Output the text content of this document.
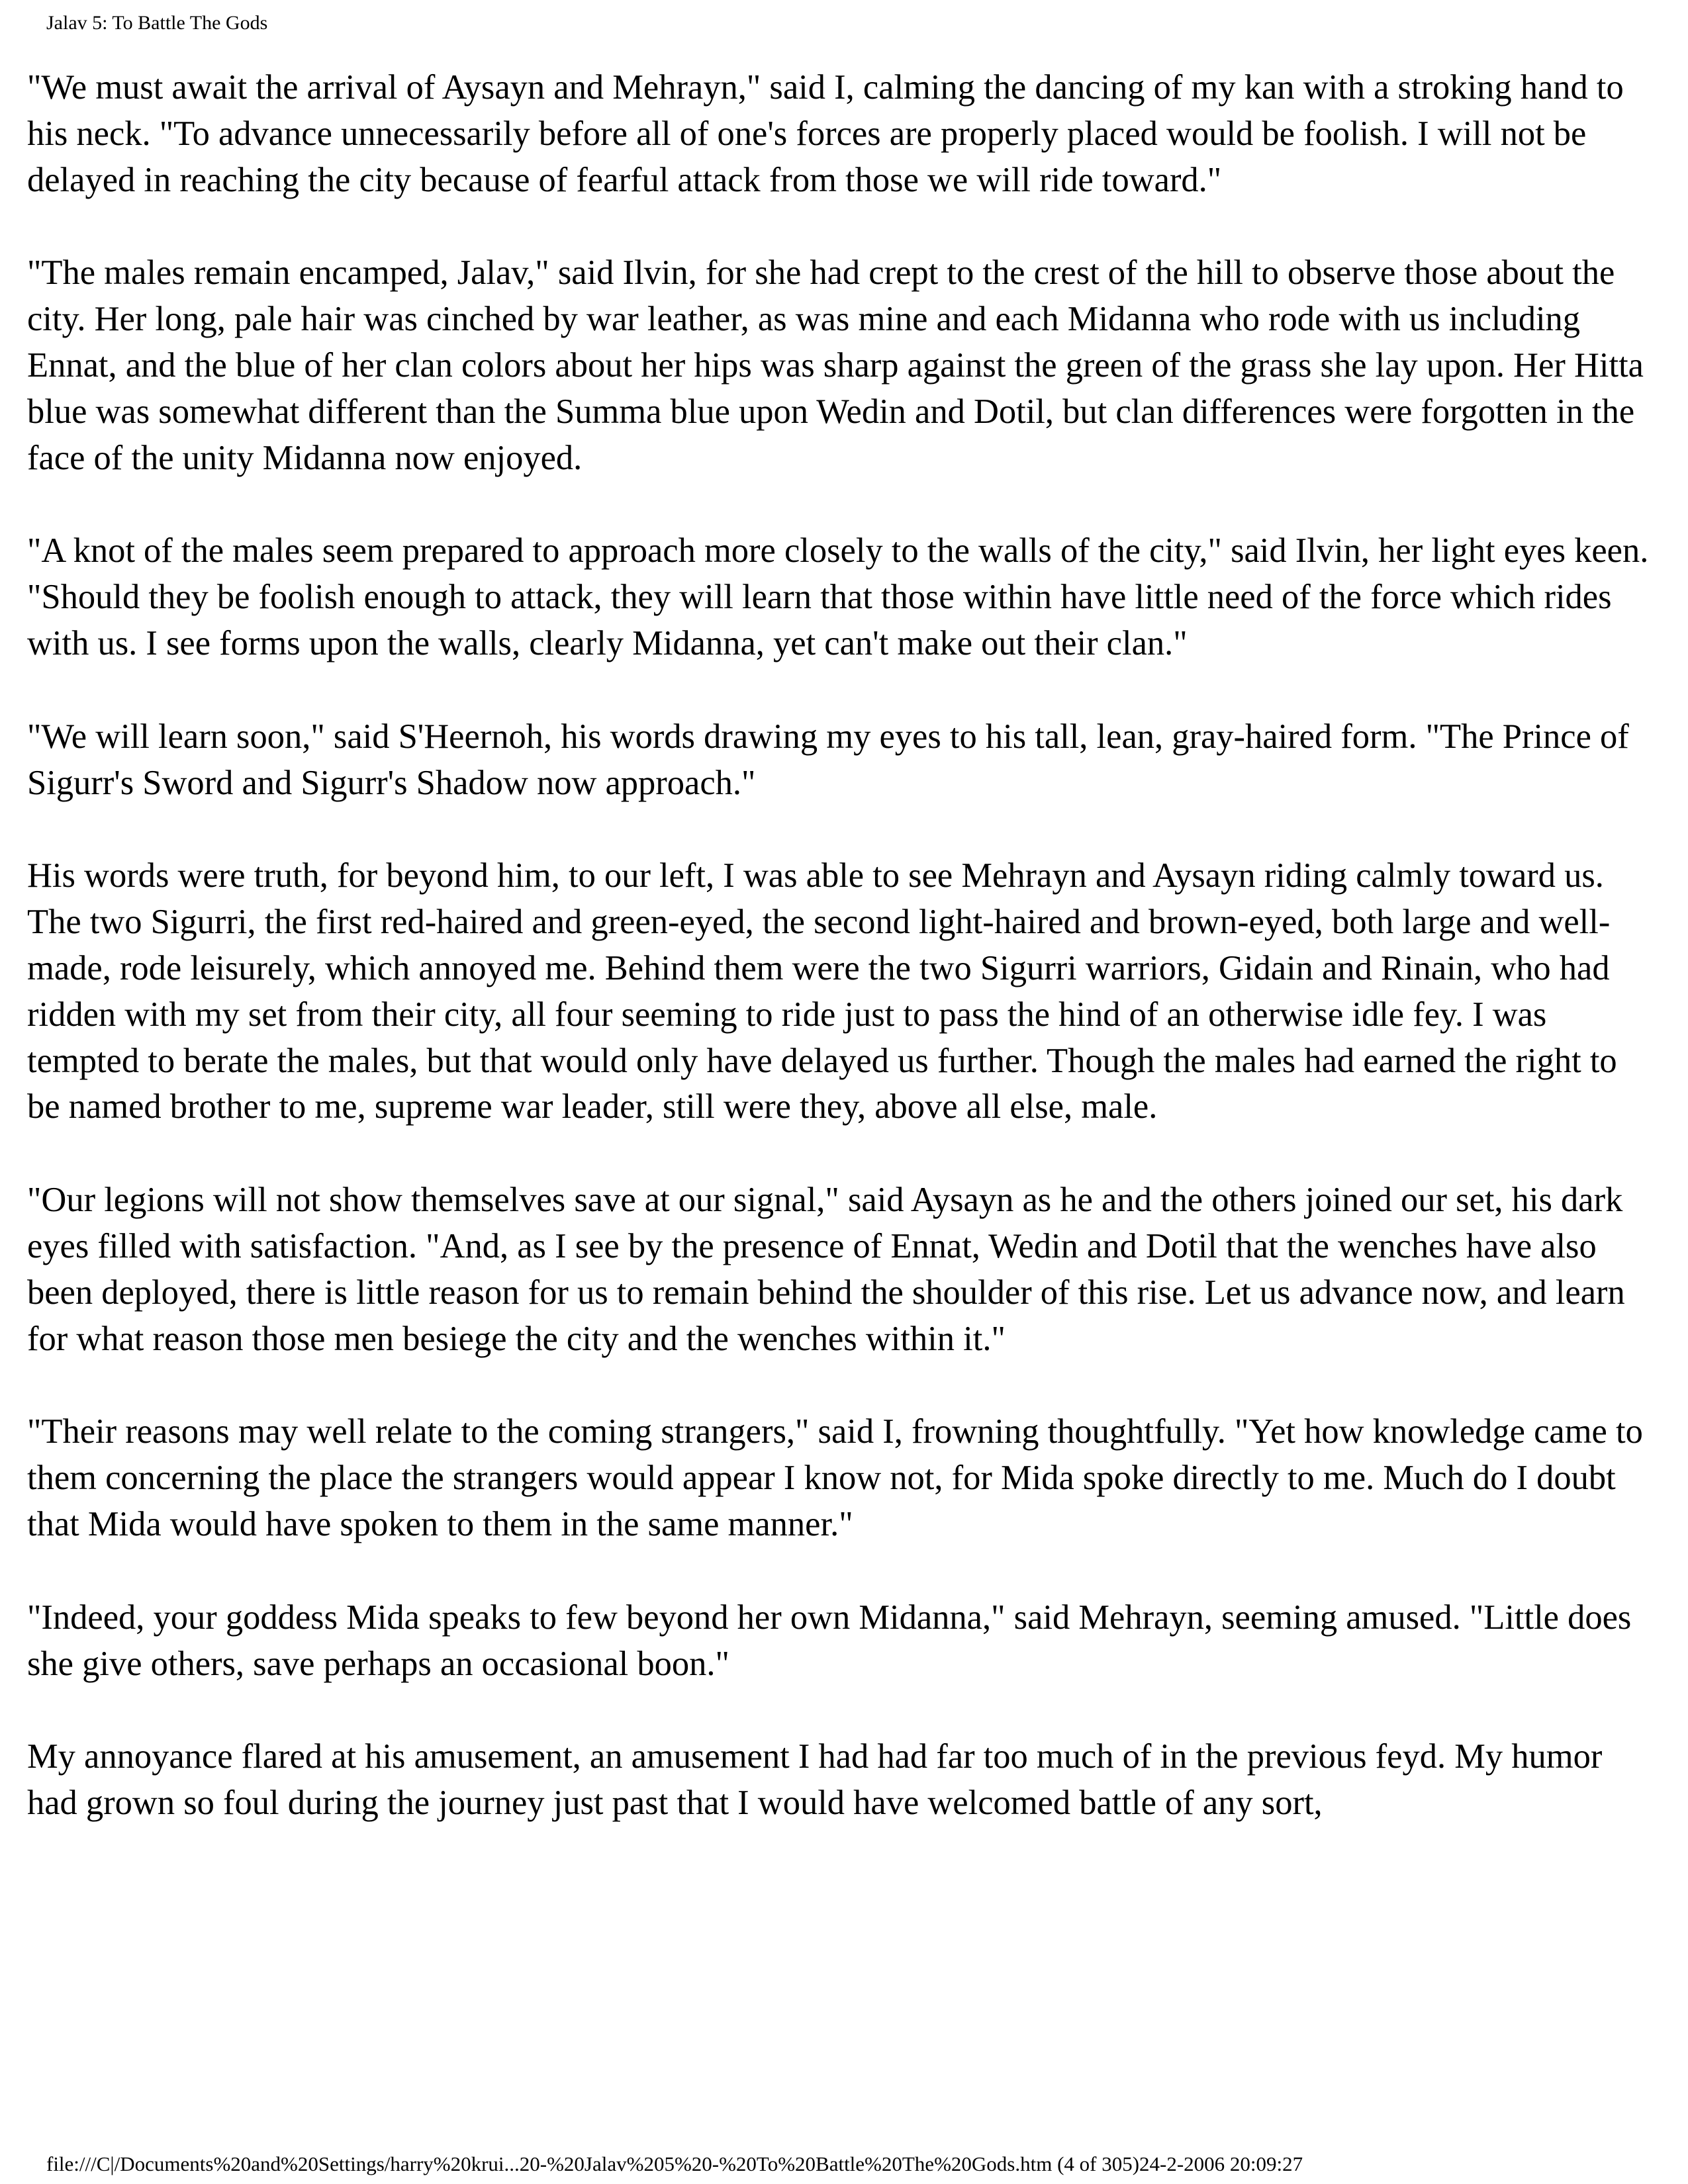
Jalav 5: To Battle The Gods

"We must await the arrival of Aysayn and Mehrayn," said I, calming the dancing of my kan with a stroking hand to his neck. "To advance unnecessarily before all of one's forces are properly placed would be foolish. I will not be delayed in reaching the city because of fearful attack from those we will ride toward."

"The males remain encamped, Jalav," said Ilvin, for she had crept to the crest of the hill to observe those about the city. Her long, pale hair was cinched by war leather, as was mine and each Midanna who rode with us including Ennat, and the blue of her clan colors about her hips was sharp against the green of the grass she lay upon. Her Hitta blue was somewhat different than the Summa blue upon Wedin and Dotil, but clan differences were forgotten in the face of the unity Midanna now enjoyed.

"A knot of the males seem prepared to approach more closely to the walls of the city," said Ilvin, her light eyes keen. "Should they be foolish enough to attack, they will learn that those within have little need of the force which rides with us. I see forms upon the walls, clearly Midanna, yet can't make out their clan."

"We will learn soon," said S'Heernoh, his words drawing my eyes to his tall, lean, gray-haired form. "The Prince of Sigurr's Sword and Sigurr's Shadow now approach."

His words were truth, for beyond him, to our left, I was able to see Mehrayn and Aysayn riding calmly toward us. The two Sigurri, the first red-haired and green-eyed, the second light-haired and brown-eyed, both large and well-made, rode leisurely, which annoyed me. Behind them were the two Sigurri warriors, Gidain and Rinain, who had ridden with my set from their city, all four seeming to ride just to pass the hind of an otherwise idle fey. I was tempted to berate the males, but that would only have delayed us further. Though the males had earned the right to be named brother to me, supreme war leader, still were they, above all else, male.

"Our legions will not show themselves save at our signal," said Aysayn as he and the others joined our set, his dark eyes filled with satisfaction. "And, as I see by the presence of Ennat, Wedin and Dotil that the wenches have also been deployed, there is little reason for us to remain behind the shoulder of this rise. Let us advance now, and learn for what reason those men besiege the city and the wenches within it."

"Their reasons may well relate to the coming strangers," said I, frowning thoughtfully. "Yet how knowledge came to them concerning the place the strangers would appear I know not, for Mida spoke directly to me. Much do I doubt that Mida would have spoken to them in the same manner."

"Indeed, your goddess Mida speaks to few beyond her own Midanna," said Mehrayn, seeming amused. "Little does she give others, save perhaps an occasional boon."

My annoyance flared at his amusement, an amusement I had had far too much of in the previous feyd. My humor had grown so foul during the journey just past that I would have welcomed battle of any sort,

file:///C|/Documents%20and%20Settings/harry%20krui...20-%20Jalav%205%20-%20To%20Battle%20The%20Gods.htm (4 of 305)24-2-2006 20:09:27
